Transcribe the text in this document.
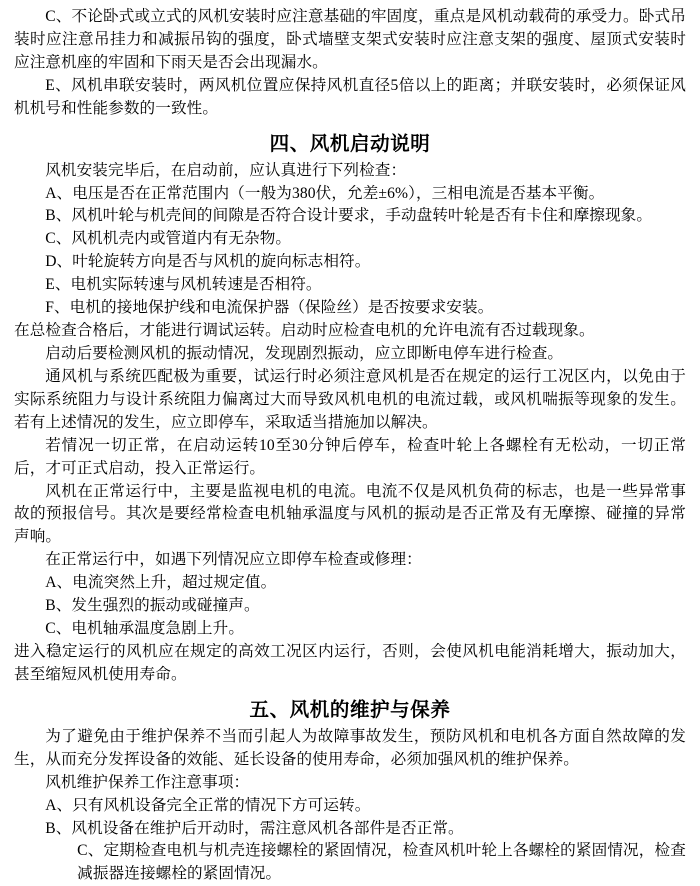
C、不论卧式或立式的风机安装时应注意基础的牢固度，重点是风机动载荷的承受力。卧式吊装时应注意吊挂力和减振吊钩的强度，卧式墙壁支架式安装时应注意支架的强度、屋顶式安装时应注意机座的牢固和下雨天是否会出现漏水。

E、风机串联安装时，两风机位置应保持风机直径5倍以上的距离；并联安装时，必须保证风机机号和性能参数的一致性。

四、风机启动说明

风机安装完毕后，在启动前，应认真进行下列检查：

A、电压是否在正常范围内（一般为380伏，允差±6%），三相电流是否基本平衡。

B、风机叶轮与机壳间的间隙是否符合设计要求，手动盘转叶轮是否有卡住和摩擦现象。

C、风机机壳内或管道内有无杂物。

D、叶轮旋转方向是否与风机的旋向标志相符。

E、电机实际转速与风机转速是否相符。

F、电机的接地保护线和电流保护器（保险丝）是否按要求安装。

在总检查合格后，才能进行调试运转。启动时应检查电机的允许电流有否过载现象。

启动后要检测风机的振动情况，发现剧烈振动，应立即断电停车进行检查。

通风机与系统匹配极为重要，试运行时必须注意风机是否在规定的运行工况区内，以免由于实际系统阻力与设计系统阻力偏离过大而导致风机电机的电流过载，或风机喘振等现象的发生。若有上述情况的发生，应立即停车，采取适当措施加以解决。

若情况一切正常，在启动运转10至30分钟后停车，检查叶轮上各螺栓有无松动，一切正常后，才可正式启动，投入正常运行。

风机在正常运行中，主要是监视电机的电流。电流不仅是风机负荷的标志，也是一些异常事故的预报信号。其次是要经常检查电机轴承温度与风机的振动是否正常及有无摩擦、碰撞的异常声响。

在正常运行中，如遇下列情况应立即停车检查或修理：

A、电流突然上升，超过规定值。

B、发生强烈的振动或碰撞声。

C、电机轴承温度急剧上升。

进入稳定运行的风机应在规定的高效工况区内运行，否则，会使风机电能消耗增大，振动加大，甚至缩短风机使用寿命。

五、风机的维护与保养

为了避免由于维护保养不当而引起人为故障事故发生，预防风机和电机各方面自然故障的发生，从而充分发挥设备的效能、延长设备的使用寿命，必须加强风机的维护保养。

风机维护保养工作注意事项：

A、只有风机设备完全正常的情况下方可运转。

B、风机设备在维护后开动时，需注意风机各部件是否正常。

C、定期检查电机与机壳连接螺栓的紧固情况，检查风机叶轮上各螺栓的紧固情况，检查减振器连接螺栓的紧固情况。
